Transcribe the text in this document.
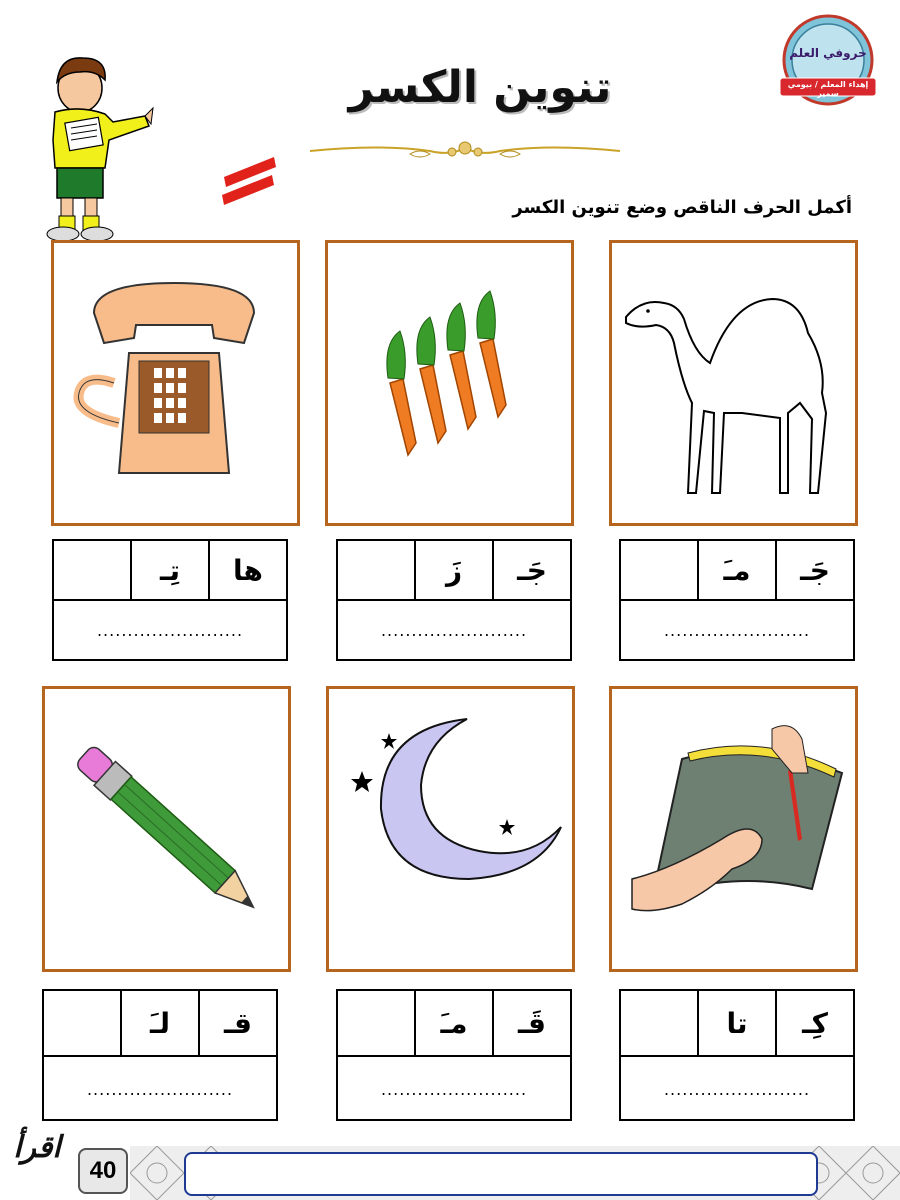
تنوين الكسر
حروفي العلم
إهداء المعلم / بيومي سمير
أكمل الحرف الناقص وضع تنوين الكسر
ها
تِـ
........................
جَـ
زَ
........................
جَـ
مـَ
........................
قـ
لـَ
........................
قَـ
مـَ
........................
كِـ
تا
........................
40
اقرأ
